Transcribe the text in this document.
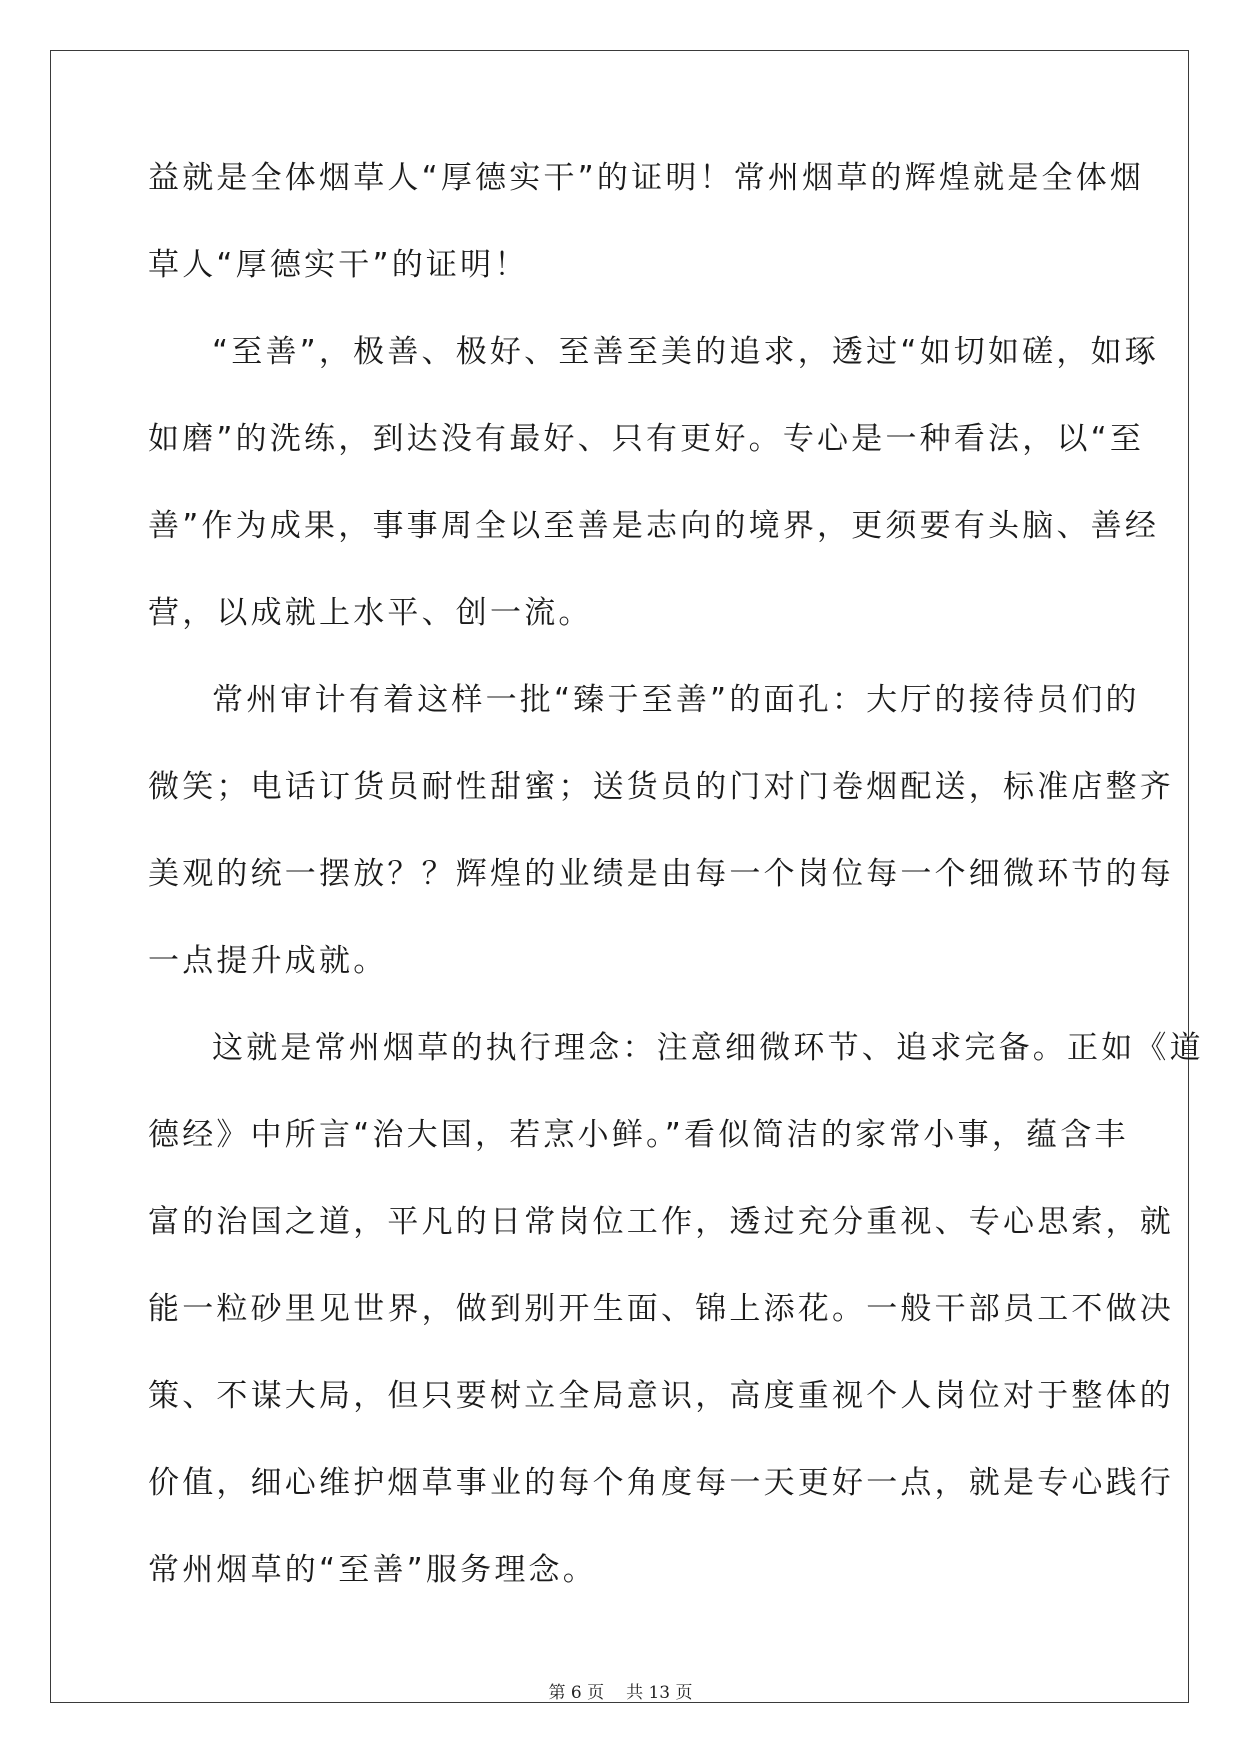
益就是全体烟草人“厚德实干”的证明！常州烟草的辉煌就是全体烟
草人“厚德实干”的证明！
“至善”，极善、极好、至善至美的追求，透过“如切如磋，如琢
如磨”的洗练，到达没有最好、只有更好。专心是一种看法，以“至
善”作为成果，事事周全以至善是志向的境界，更须要有头脑、善经
营，以成就上水平、创一流。
常州审计有着这样一批“臻于至善”的面孔：大厅的接待员们的
微笑；电话订货员耐性甜蜜；送货员的门对门卷烟配送，标准店整齐
美观的统一摆放？？辉煌的业绩是由每一个岗位每一个细微环节的每
一点提升成就。
这就是常州烟草的执行理念：注意细微环节、追求完备。正如《道
德经》中所言“治大国，若烹小鲜。”看似简洁的家常小事，蕴含丰
富的治国之道，平凡的日常岗位工作，透过充分重视、专心思索，就
能一粒砂里见世界，做到别开生面、锦上添花。一般干部员工不做决
策、不谋大局，但只要树立全局意识，高度重视个人岗位对于整体的
价值，细心维护烟草事业的每个角度每一天更好一点，就是专心践行
常州烟草的“至善”服务理念。
第 6 页 共 13 页
